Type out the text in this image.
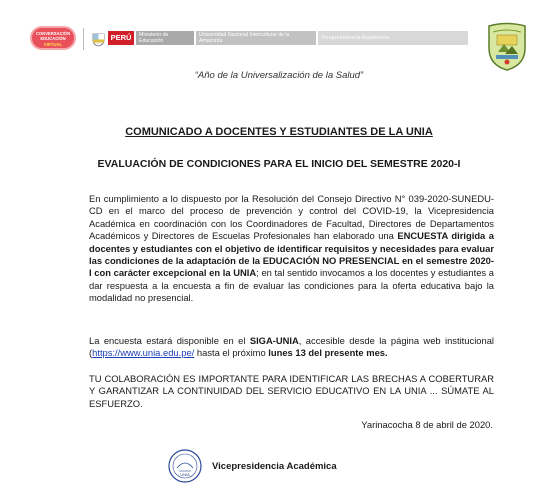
CONVERSACIÓN
EDUCACIÓN
VIRTUAL
PERÚ	Ministerio de Educación
Universidad Nacional Intercultural de la Amazonía	Vicepresidencia Académica
“Año de la Universalización de la Salud”
COMUNICADO A DOCENTES Y ESTUDIANTES DE LA UNIA
EVALUACIÓN DE CONDICIONES PARA EL INICIO DEL SEMESTRE 2020-I
En cumplimiento a lo dispuesto por la Resolución del Consejo Directivo N° 039-2020-SUNEDU-CD en el marco del proceso de prevención y control del COVID-19, la Vicepresidencia Académica en coordinación con los Coordinadores de Facultad, Directores de Departamentos Académicos y Directores de Escuelas Profesionales han elaborado una ENCUESTA dirigida a docentes y estudiantes con el objetivo de identificar requisitos y necesidades para evaluar las condiciones de la adaptación de la EDUCACIÓN NO PRESENCIAL en el semestre 2020-I con carácter excepcional en la UNIA; en tal sentido invocamos a los docentes y estudiantes a dar respuesta a la encuesta a fin de evaluar las condiciones para la oferta educativa bajo la modalidad no presencial.
La encuesta estará disponible en el SIGA-UNIA, accesible desde la página web institucional (https://www.unia.edu.pe/ hasta el próximo lunes 13 del presente mes.
TU COLABORACIÓN ES IMPORTANTE PARA IDENTIFICAR LAS BRECHAS A COBERTURAR Y GARANTIZAR LA CONTINUIDAD DEL SERVICIO EDUCATIVO EN LA UNIA ... SÚMATE AL ESFUERZO.
Yarinacocha 8 de abril de 2020.
UNIA
Vicepresidencia Académica
